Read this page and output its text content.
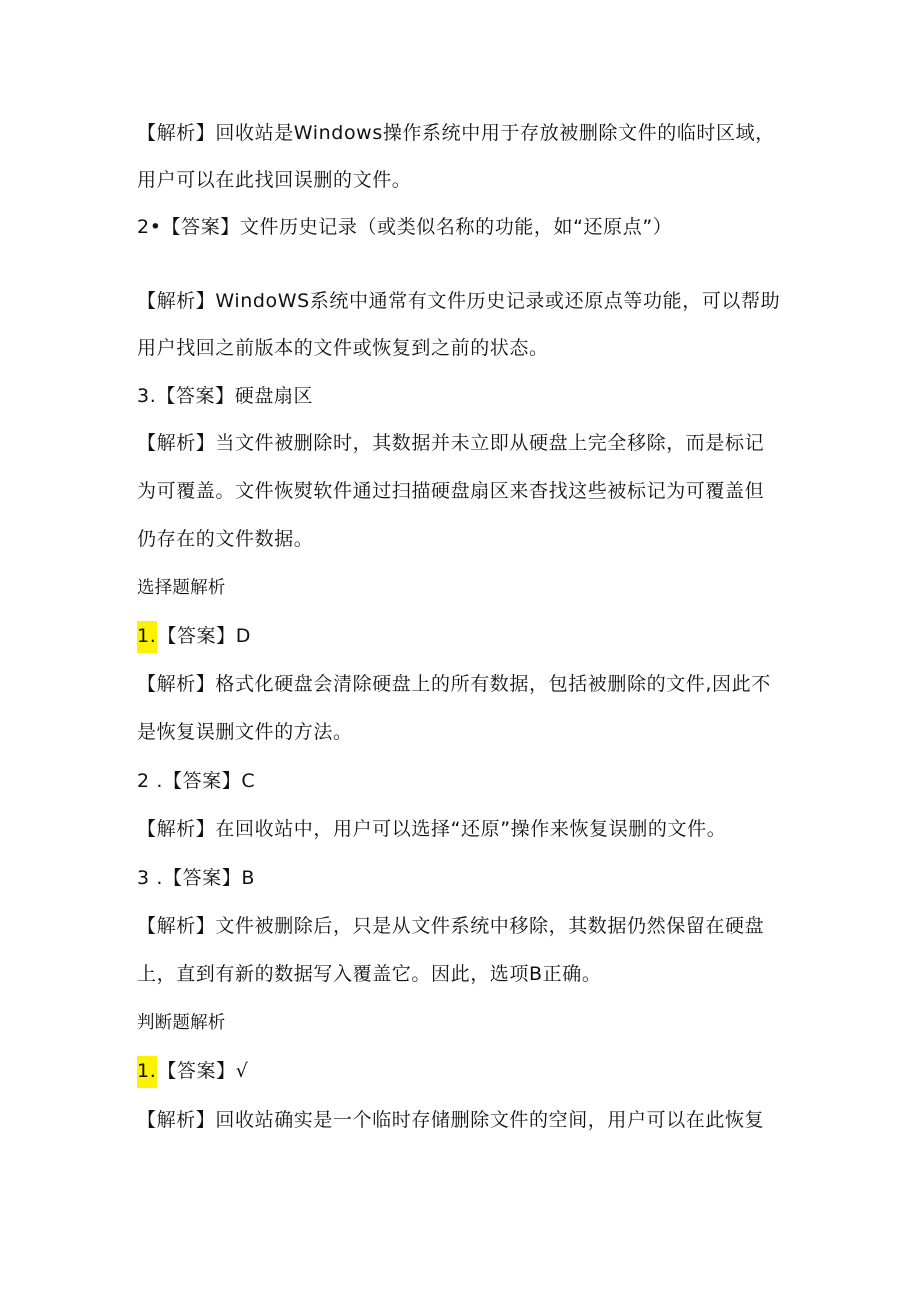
【解析】回收站是Windows操作系统中用于存放被删除文件的临时区域，
用户可以在此找回误删的文件。
2•【答案】文件历史记录（或类似名称的功能，如“还原点”）
【解析】WindoWS系统中通常有文件历史记录或还原点等功能，可以帮助
用户找回之前版本的文件或恢复到之前的状态。
3.【答案】硬盘扇区
【解析】当文件被删除时，其数据并未立即从硬盘上完全移除，而是标记
为可覆盖。文件恢熨软件通过扫描硬盘扇区来杳找这些被标记为可覆盖但
仍存在的文件数据。
选择题解析
1.【答案】D
【解析】格式化硬盘会清除硬盘上的所有数据，包括被删除的文件,因此不
是恢复误删文件的方法。
2 .【答案】C
【解析】在回收站中，用户可以选择“还原”操作来恢复误删的文件。
3 .【答案】B
【解析】文件被删除后，只是从文件系统中移除，其数据仍然保留在硬盘
上，直到有新的数据写入覆盖它。因此，选项B正确。
判断题解析
1.【答案】√
【解析】回收站确实是一个临时存储删除文件的空间，用户可以在此恢复
